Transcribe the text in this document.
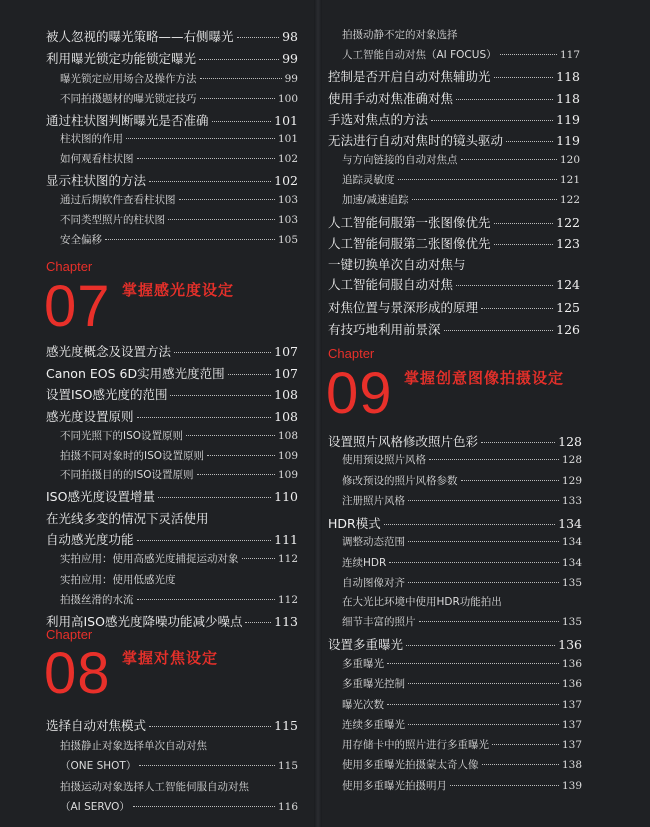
被人忽视的曝光策略——右侧曝光	98
利用曝光锁定功能锁定曝光	99
曝光锁定应用场合及操作方法	99
不同拍摄题材的曝光锁定技巧	100
通过柱状图判断曝光是否准确	101
柱状图的作用	101
如何观看柱状图	102
显示柱状图的方法	102
通过后期软件查看柱状图	103
不同类型照片的柱状图	103
安全偏移	105
Chapter
07 掌握感光度设定
感光度概念及设置方法	107
Canon EOS 6D实用感光度范围	107
设置ISO感光度的范围	108
感光度设置原则	108
不同光照下的ISO设置原则	108
拍摄不同对象时的ISO设置原则	109
不同拍摄目的的ISO设置原则	109
ISO感光度设置增量	110
在光线多变的情况下灵活使用
自动感光度功能	111
实拍应用：使用高感光度捕捉运动对象	112
实拍应用：使用低感光度
拍摄丝滑的水流	112
利用高ISO感光度降噪功能减少噪点	113
Chapter
08 掌握对焦设定
选择自动对焦模式	115
拍摄静止对象选择单次自动对焦
（ONE SHOT）	115
拍摄运动对象选择人工智能伺服自动对焦
（AI SERVO）	116
拍摄动静不定的对象选择
人工智能自动对焦（AI FOCUS）	117
控制是否开启自动对焦辅助光	118
使用手动对焦准确对焦	118
手选对焦点的方法	119
无法进行自动对焦时的镜头驱动	119
与方向链接的自动对焦点	120
追踪灵敏度	121
加速/减速追踪	122
人工智能伺服第一张图像优先	122
人工智能伺服第二张图像优先	123
一键切换单次自动对焦与
人工智能伺服自动对焦	124
对焦位置与景深形成的原理	125
有技巧地利用前景深	126
Chapter
09 掌握创意图像拍摄设定
设置照片风格修改照片色彩	128
使用预设照片风格	128
修改预设的照片风格参数	129
注册照片风格	133
HDR模式	134
调整动态范围	134
连续HDR	134
自动图像对齐	135
在大光比环境中使用HDR功能拍出
细节丰富的照片	135
设置多重曝光	136
多重曝光	136
多重曝光控制	136
曝光次数	137
连续多重曝光	137
用存储卡中的照片进行多重曝光	137
使用多重曝光拍摄蒙太奇人像	138
使用多重曝光拍摄明月	139
